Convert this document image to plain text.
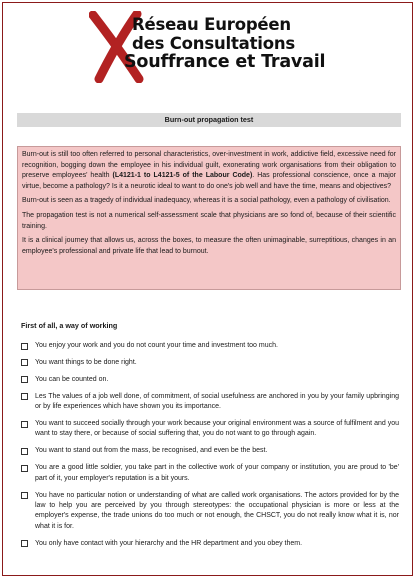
Réseau Européen
des Consultations
Souffrance et Travail
Burn-out propagation test

Burn-out is still too often referred to personal characteristics, over-investment in work, addictive field, excessive need for recognition, bogging down the employee in his individual guilt, exonerating work organisations from their obligation to preserve employees' health (L4121-1 to L4121-5 of the Labour Code). Has professional conscience, once a major virtue, become a pathology? Is it a neurotic ideal to want to do one's job well and have the time, means and objectives?

Burn-out is seen as a tragedy of individual inadequacy, whereas it is a social pathology, even a pathology of civilisation.

The propagation test is not a numerical self-assessment scale that physicians are so fond of, because of their scientific training.

It is a clinical journey that allows us, across the boxes, to measure the often unimaginable, surreptitious, changes in an employee's professional and private life that lead to burnout.

First of all, a way of working
You enjoy your work and you do not count your time and investment too much.
You want things to be done right.
You can be counted on.
Les The values of a job well done, of commitment, of social usefulness are anchored in you by your family upbringing or by life experiences which have shown you its importance.
You want to succeed socially through your work because your original environment was a source of fulfilment and you want to stay there, or because of social suffering that, you do not want to go through again.
You want to stand out from the mass, be recognised, and even be the best.
You are a good little soldier, you take part in the collective work of your company or institution, you are proud to 'be' part of it, your employer's reputation is a bit yours.
You have no particular notion or understanding of what are called work organisations. The actors provided for by the law to help you are perceived by you through stereotypes: the occupational physician is more or less at the employer's expense, the trade unions do too much or not enough, the CHSCT, you do not really know what it is, nor what it is for.
You only have contact with your hierarchy and the HR department and you obey them.
